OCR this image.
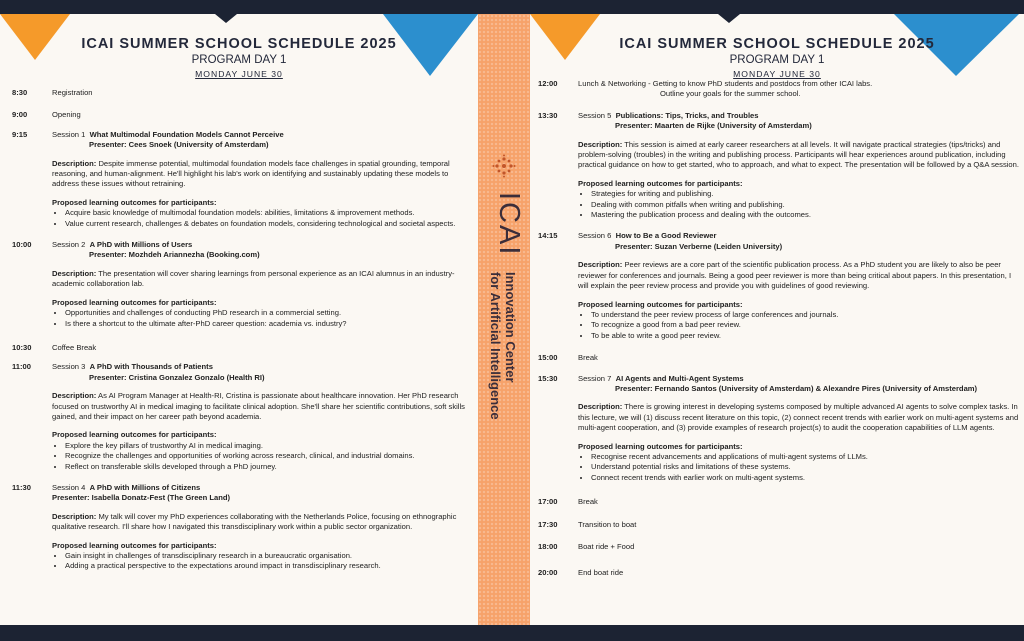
ICAI SUMMER SCHOOL SCHEDULE 2025
PROGRAM DAY 1
MONDAY JUNE 30
8:30	Registration
9:00	Opening
9:15	Session 1 What Multimodal Foundation Models Cannot Perceive
Presenter: Cees Snoek (University of Amsterdam)
Description: Despite immense potential, multimodal foundation models face challenges in spatial grounding, temporal reasoning, and human-alignment. He'll highlight his lab's work on identifying and sustainably updating these models to address these issues without retraining.
Proposed learning outcomes for participants:
• Acquire basic knowledge of multimodal foundation models: abilities, limitations & improvement methods.
• Value current research, challenges & debates on foundation models, considering technological and societal aspects.
10:00	Session 2 A PhD with Millions of Users
Presenter: Mozhdeh Ariannezha (Booking.com)
Description: The presentation will cover sharing learnings from personal experience as an ICAI alumnus in an industry-academic collaboration lab.
Proposed learning outcomes for participants:
• Opportunities and challenges of conducting PhD research in a commercial setting.
• Is there a shortcut to the ultimate after-PhD career question: academia vs. industry?
10:30	Coffee Break
11:00	Session 3 A PhD with Thousands of Patients
Presenter: Cristina Gonzalez Gonzalo (Health RI)
Description: As AI Program Manager at Health-RI, Cristina is passionate about healthcare innovation. Her PhD research focused on trustworthy AI in medical imaging to facilitate clinical adoption. She'll share her scientific contributions, soft skills gained, and their impact on her career path beyond academia.
Proposed learning outcomes for participants:
• Explore the key pillars of trustworthy AI in medical imaging.
• Recognize the challenges and opportunities of working across research, clinical, and industrial domains.
• Reflect on transferable skills developed through a PhD journey.
11:30	Session 4 A PhD with Millions of Citizens
Presenter: Isabella Donatz-Fest (The Green Land)
Description: My talk will cover my PhD experiences collaborating with the Netherlands Police, focusing on ethnographic qualitative research. I'll share how I navigated this transdisciplinary work within a public sector organization.
Proposed learning outcomes for participants:
• Gain insight in challenges of transdisciplinary research in a bureaucratic organisation.
• Adding a practical perspective to the expectations around impact in transdisciplinary research.
ICAI
Innovation Center
for Artificial Intelligence
ICAI SUMMER SCHOOL SCHEDULE 2025
PROGRAM DAY 1
MONDAY JUNE 30
12:00	Lunch & Networking - Getting to know PhD students and postdocs from other ICAI labs.
Outline your goals for the summer school.
13:30	Session 5 Publications: Tips, Tricks, and Troubles
Presenter: Maarten de Rijke (University of Amsterdam)
Description: This session is aimed at early career researchers at all levels. It will navigate practical strategies (tips/tricks) and problem-solving (troubles) in the writing and publishing process. Participants will hear experiences around publication, including practical guidance on how to get started, who to approach, and what to expect. The presentation will be followed by a Q&A session.
Proposed learning outcomes for participants:
• Strategies for writing and publishing.
• Dealing with common pitfalls when writing and publishing.
• Mastering the publication process and dealing with the outcomes.
14:15	Session 6 How to Be a Good Reviewer
Presenter: Suzan Verberne (Leiden University)
Description: Peer reviews are a core part of the scientific publication process. As a PhD student you are likely to also be peer reviewer for conferences and journals. Being a good peer reviewer is more than being critical about papers. In this presentation, I will explain the peer review process and provide you with guidelines of good reviewing.
Proposed learning outcomes for participants:
• To understand the peer review process of large conferences and journals.
• To recognize a good from a bad peer review.
• To be able to write a good peer review.
15:00	Break
15:30	Session 7 AI Agents and Multi-Agent Systems
Presenter: Fernando Santos (University of Amsterdam) & Alexandre Pires (University of Amsterdam)
Description: There is growing interest in developing systems composed by multiple advanced AI agents to solve complex tasks. In this lecture, we will (1) discuss recent literature on this topic, (2) connect recent trends with earlier work on multi-agent systems and multi-agent cooperation, and (3) provide examples of research project(s) to audit the cooperation capabilities of LLM agents.
Proposed learning outcomes for participants:
• Recognise recent advancements and applications of multi-agent systems of LLMs.
• Understand potential risks and limitations of these systems.
• Connect recent trends with earlier work on multi-agent systems.
17:00	Break
17:30	Transition to boat
18:00	Boat ride + Food
20:00	End boat ride
